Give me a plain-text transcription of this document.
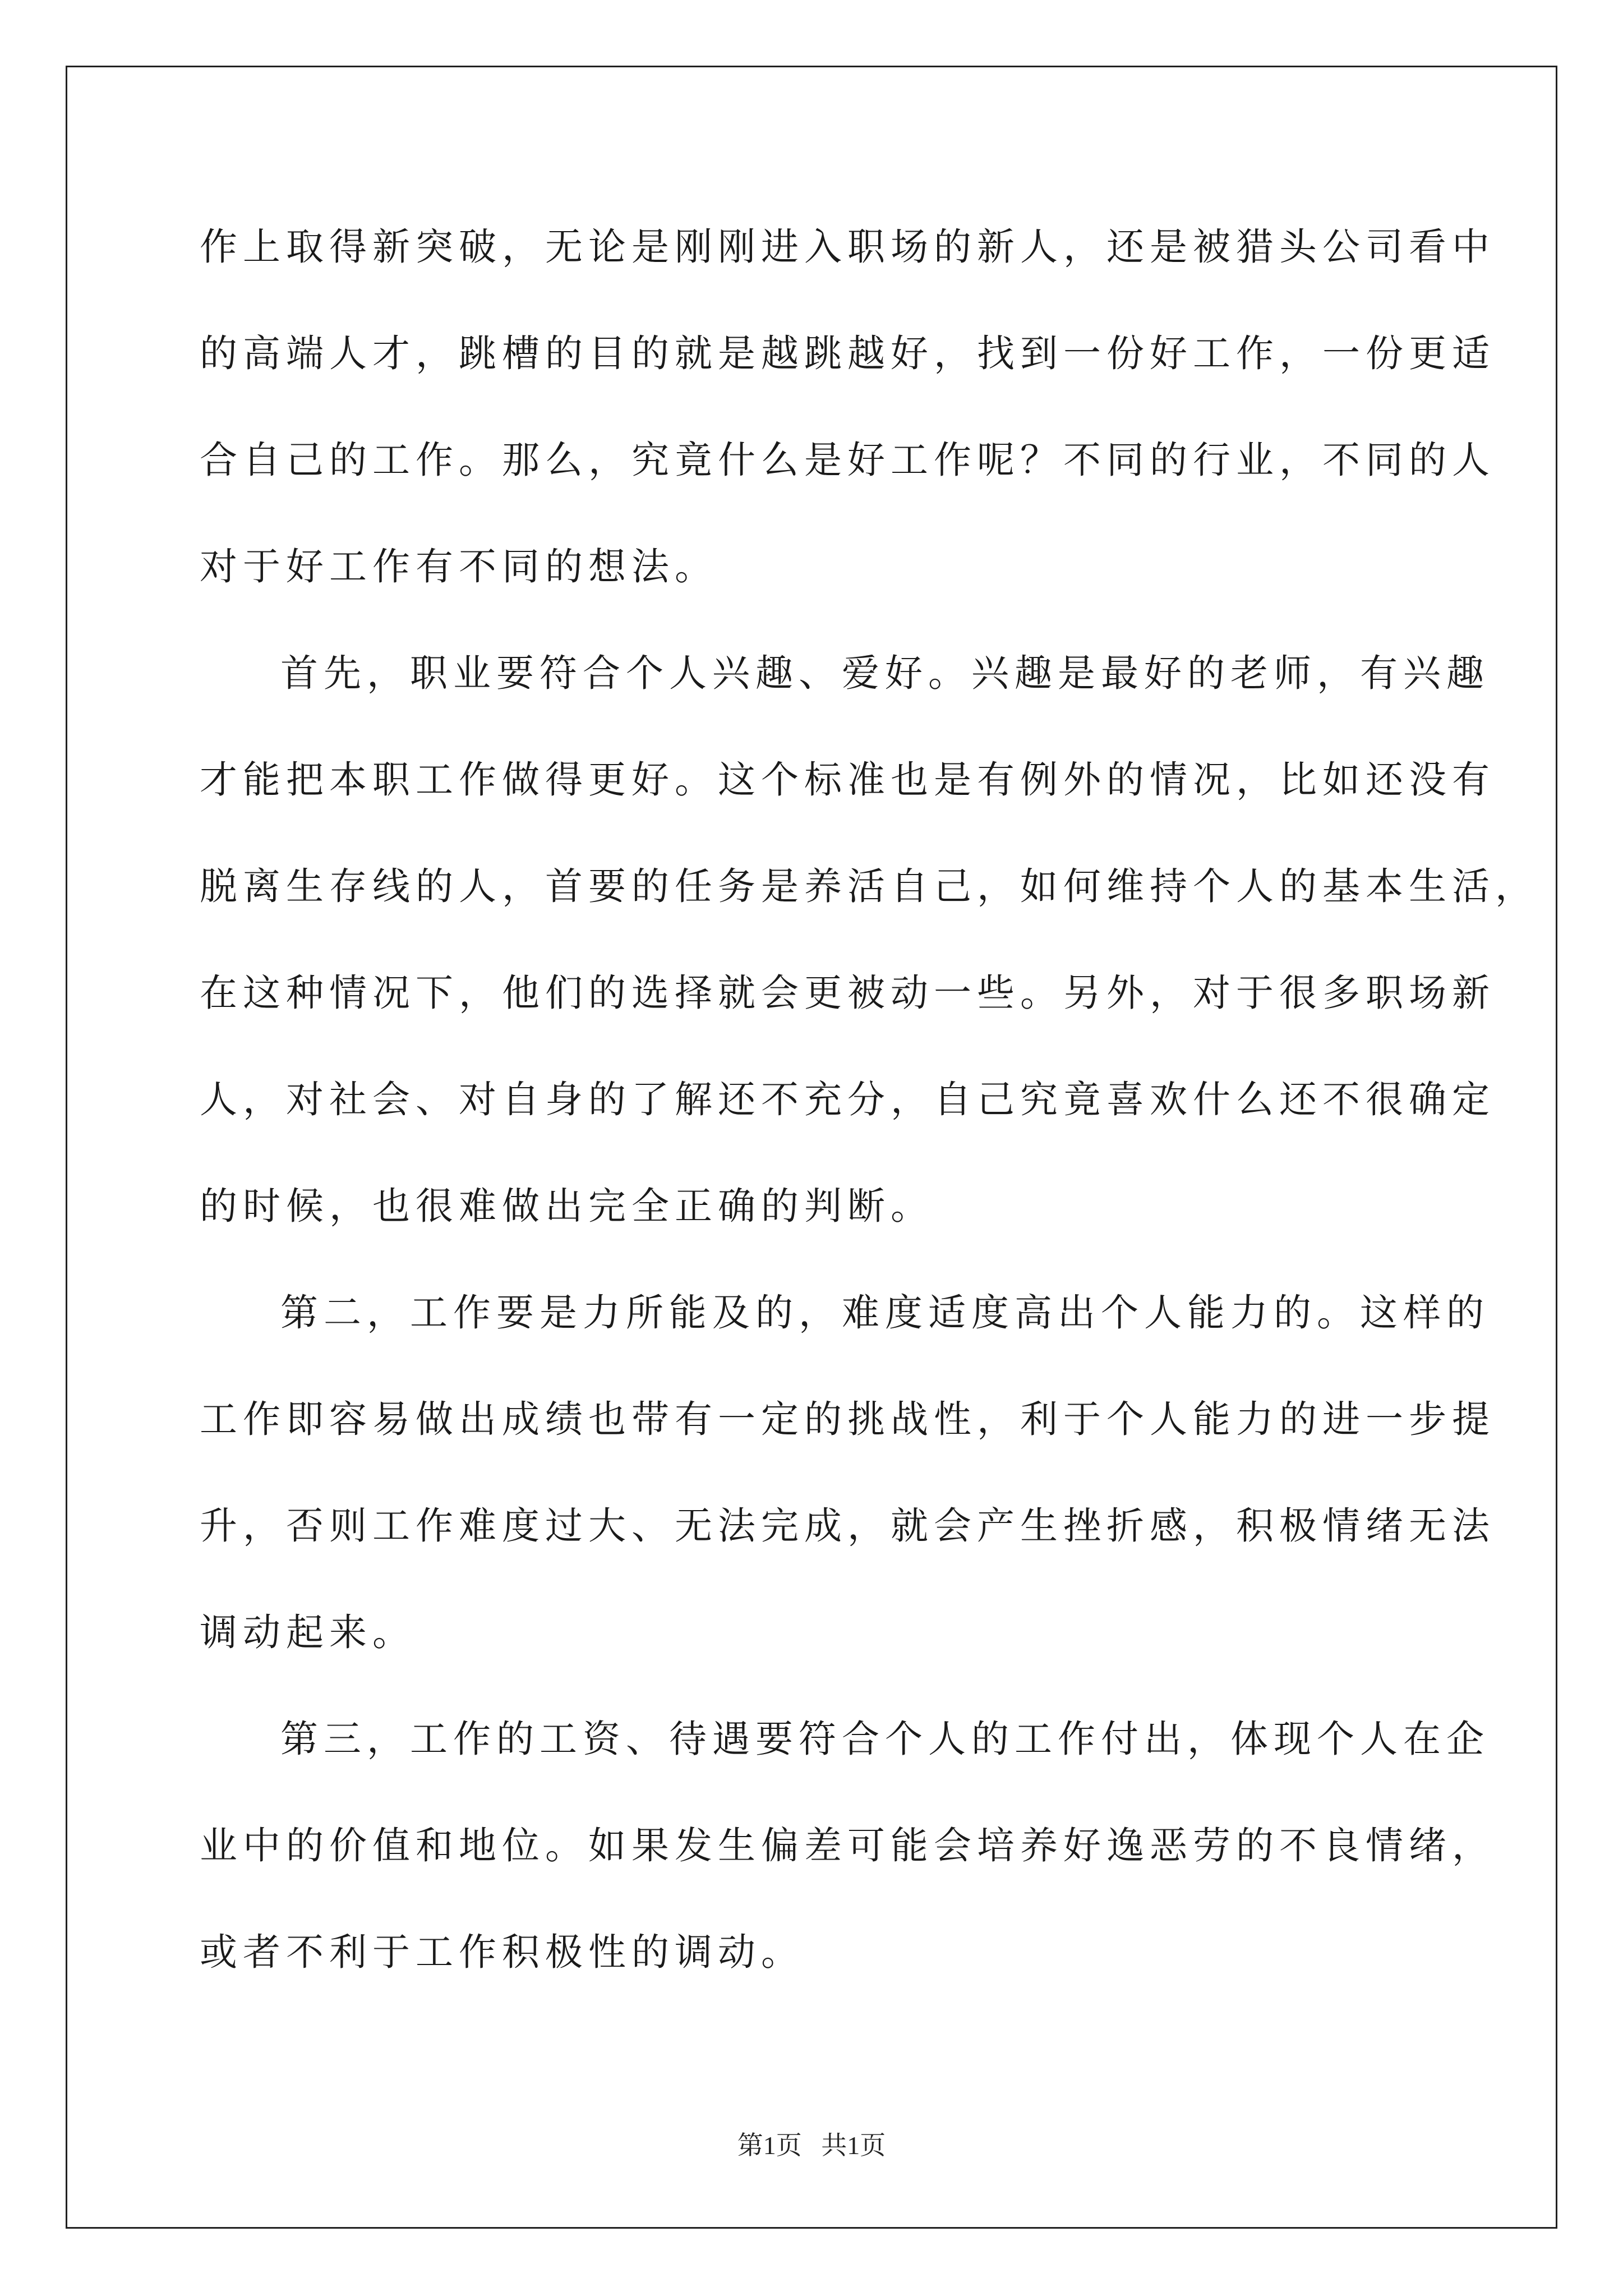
作上取得新突破，无论是刚刚进入职场的新人，还是被猎头公司看中
的高端人才，跳槽的目的就是越跳越好，找到一份好工作，一份更适
合自己的工作。那么，究竟什么是好工作呢？不同的行业，不同的人
对于好工作有不同的想法。
首先，职业要符合个人兴趣、爱好。兴趣是最好的老师，有兴趣
才能把本职工作做得更好。这个标准也是有例外的情况，比如还没有
脱离生存线的人，首要的任务是养活自己，如何维持个人的基本生活，
在这种情况下，他们的选择就会更被动一些。另外，对于很多职场新
人，对社会、对自身的了解还不充分，自己究竟喜欢什么还不很确定
的时候，也很难做出完全正确的判断。
第二，工作要是力所能及的，难度适度高出个人能力的。这样的
工作即容易做出成绩也带有一定的挑战性，利于个人能力的进一步提
升，否则工作难度过大、无法完成，就会产生挫折感，积极情绪无法
调动起来。
第三，工作的工资、待遇要符合个人的工作付出，体现个人在企
业中的价值和地位。如果发生偏差可能会培养好逸恶劳的不良情绪，
或者不利于工作积极性的调动。
第1页   共1页
